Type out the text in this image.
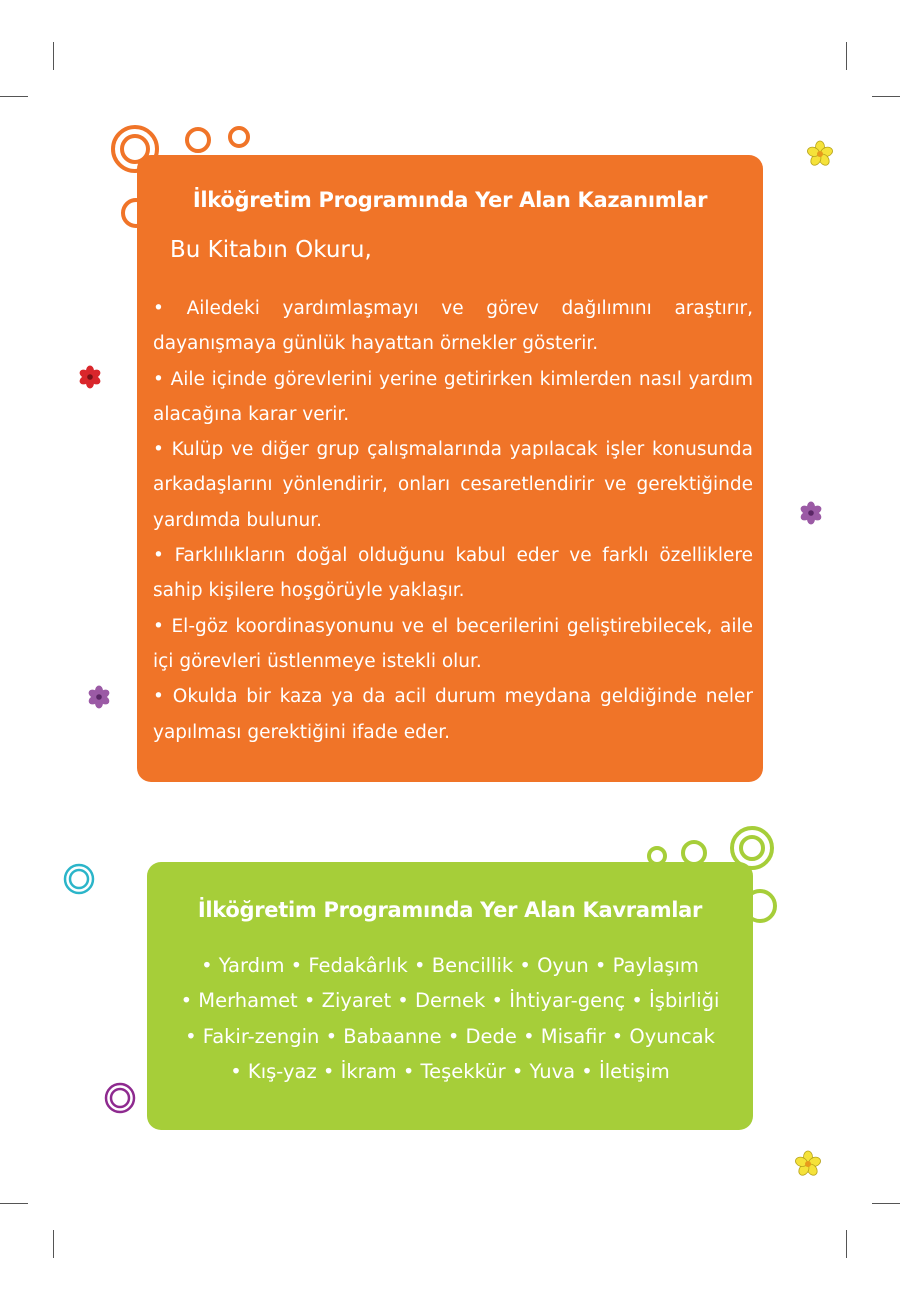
İlköğretim Programında Yer Alan Kazanımlar
Bu Kitabın Okuru,
• Ailedeki yardımlaşmayı ve görev dağılımını araştırır, dayanışmaya günlük hayattan örnekler gösterir.
• Aile içinde görevlerini yerine getirirken kimlerden nasıl yardım alacağına karar verir.
• Kulüp ve diğer grup çalışmalarında yapılacak işler konusunda arkadaşlarını yönlendirir, onları cesaretlendirir ve gerektiğinde yardımda bulunur.
• Farklılıkların doğal olduğunu kabul eder ve farklı özelliklere sahip kişilere hoşgörüyle yaklaşır.
• El-göz koordinasyonunu ve el becerilerini geliştirebilecek, aile içi görevleri üstlenmeye istekli olur.
• Okulda bir kaza ya da acil durum meydana geldiğinde neler yapılması gerektiğini ifade eder.
İlköğretim Programında Yer Alan Kavramlar
• Yardım • Fedakârlık • Bencillik • Oyun • Paylaşım
• Merhamet • Ziyaret • Dernek • İhtiyar-genç • İşbirliği
• Fakir-zengin • Babaanne • Dede • Misafir • Oyuncak
• Kış-yaz • İkram • Teşekkür • Yuva • İletişim
